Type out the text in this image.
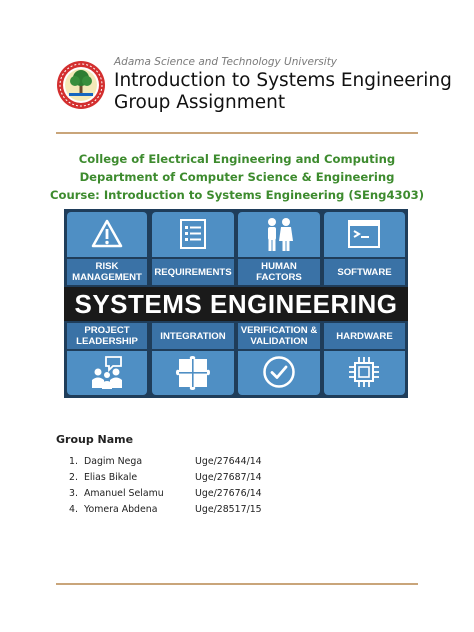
Adama Science and Technology University
Introduction to Systems Engineering
Group Assignment
College of Electrical Engineering and Computing
Department of Computer Science & Engineering
Course: Introduction to Systems Engineering (SEng4303)
RISK MANAGEMENT	REQUIREMENTS	HUMAN FACTORS	SOFTWARE
SYSTEMS ENGINEERING
PROJECT LEADERSHIP	INTEGRATION	VERIFICATION & VALIDATION	HARDWARE
Group Name
1. Dagim Nega	Uge/27644/14
2. Elias Bikale	Uge/27687/14
3. Amanuel Selamu	Uge/27676/14
4. Yomera Abdena	Uge/28517/15
